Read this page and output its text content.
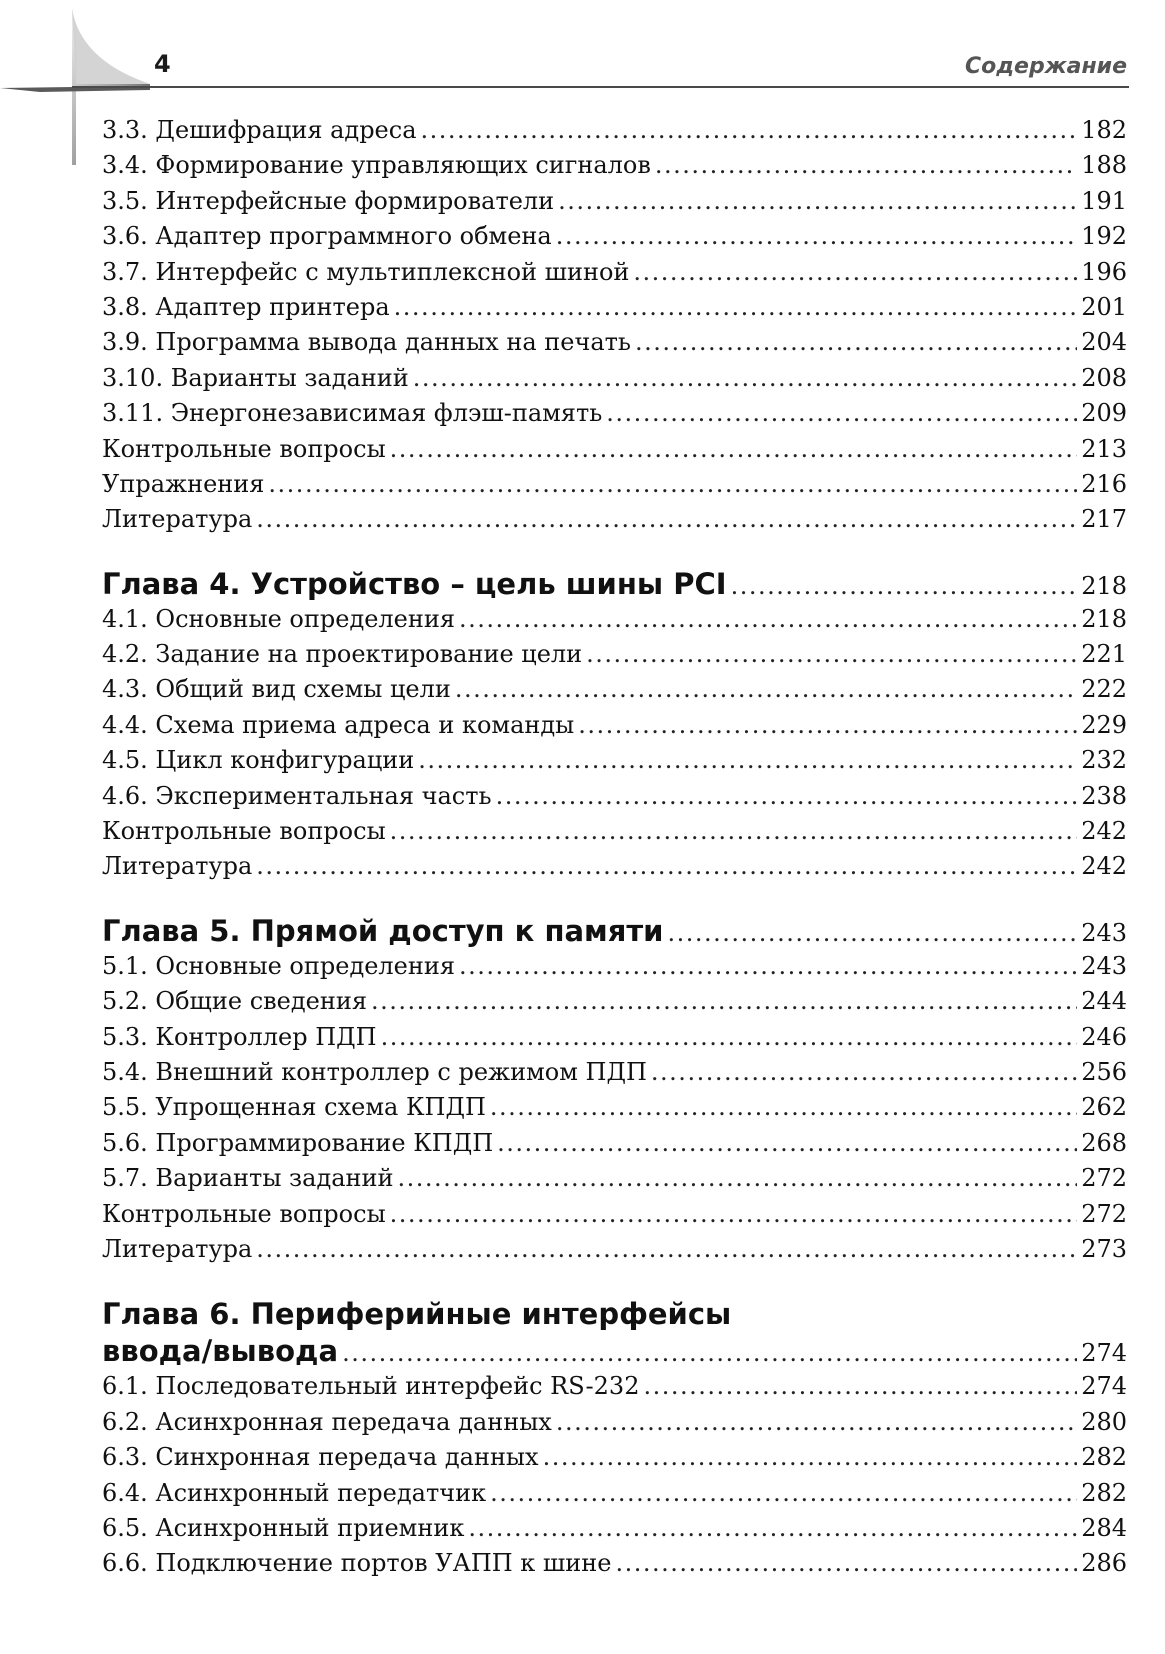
4	Содержание
3.3. Дешифрация адреса .....	182
3.4. Формирование управляющих сигналов .....	188
3.5. Интерфейсные формирователи .....	191
3.6. Адаптер программного обмена .....	192
3.7. Интерфейс с мультиплексной шиной .....	196
3.8. Адаптер принтера .....	201
3.9. Программа вывода данных на печать .....	204
3.10. Варианты заданий .....	208
3.11. Энергонезависимая флэш-память .....	209
Контрольные вопросы .....	213
Упражнения .....	216
Литература .....	217
Глава 4. Устройство – цель шины PCI .....	218
4.1. Основные определения .....	218
4.2. Задание на проектирование цели .....	221
4.3. Общий вид схемы цели .....	222
4.4. Схема приема адреса и команды .....	229
4.5. Цикл конфигурации .....	232
4.6. Экспериментальная часть .....	238
Контрольные вопросы .....	242
Литература .....	242
Глава 5. Прямой доступ к памяти .....	243
5.1. Основные определения .....	243
5.2. Общие сведения .....	244
5.3. Контроллер ПДП .....	246
5.4. Внешний контроллер с режимом ПДП .....	256
5.5. Упрощенная схема КПДП .....	262
5.6. Программирование КПДП .....	268
5.7. Варианты заданий .....	272
Контрольные вопросы .....	272
Литература .....	273
Глава 6. Периферийные интерфейсы
ввода/вывода .....	274
6.1. Последовательный интерфейс RS-232 .....	274
6.2. Асинхронная передача данных .....	280
6.3. Синхронная передача данных .....	282
6.4. Асинхронный передатчик .....	282
6.5. Асинхронный приемник .....	284
6.6. Подключение портов УАПП к шине .....	286
